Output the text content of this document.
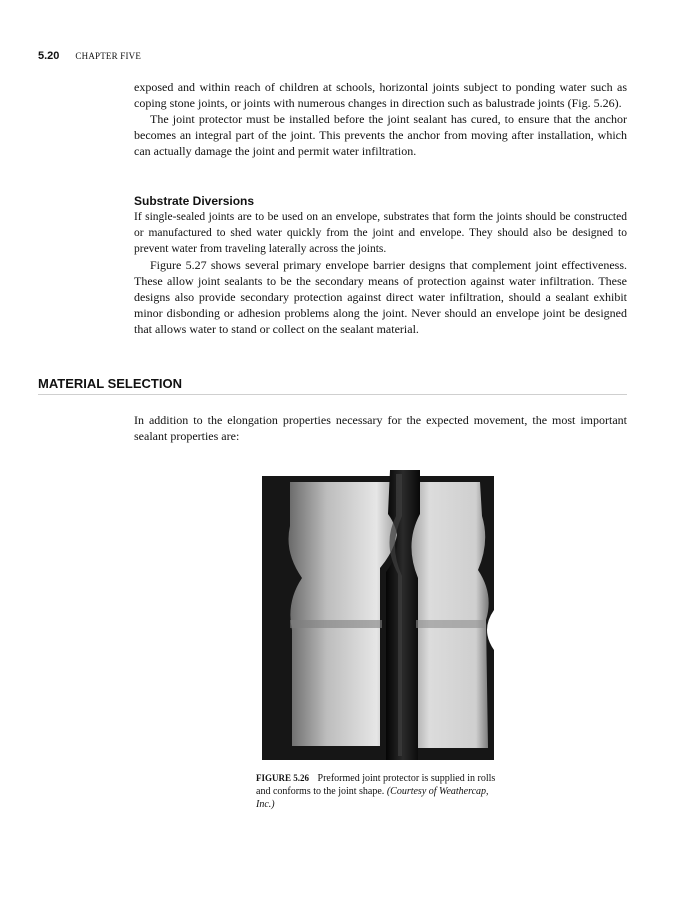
5.20 CHAPTER FIVE

exposed and within reach of children at schools, horizontal joints subject to ponding water such as coping stone joints, or joints with numerous changes in direction such as balustrade joints (Fig. 5.26).

The joint protector must be installed before the joint sealant has cured, to ensure that the anchor becomes an integral part of the joint. This prevents the anchor from moving after installation, which can actually damage the joint and permit water infiltration.

Substrate Diversions

If single-sealed joints are to be used on an envelope, substrates that form the joints should be constructed or manufactured to shed water quickly from the joint and envelope. They should also be designed to prevent water from traveling laterally across the joints.

Figure 5.27 shows several primary envelope barrier designs that complement joint effectiveness. These allow joint sealants to be the secondary means of protection against water infiltration. These designs also provide secondary protection against direct water infiltration, should a sealant exhibit minor disbonding or adhesion problems along the joint. Never should an envelope joint be designed that allows water to stand or collect on the sealant material.

MATERIAL SELECTION

In addition to the elongation properties necessary for the expected movement, the most important sealant properties are:

FIGURE 5.26 Preformed joint protector is supplied in rolls and conforms to the joint shape. (Courtesy of Weathercap, Inc.)
